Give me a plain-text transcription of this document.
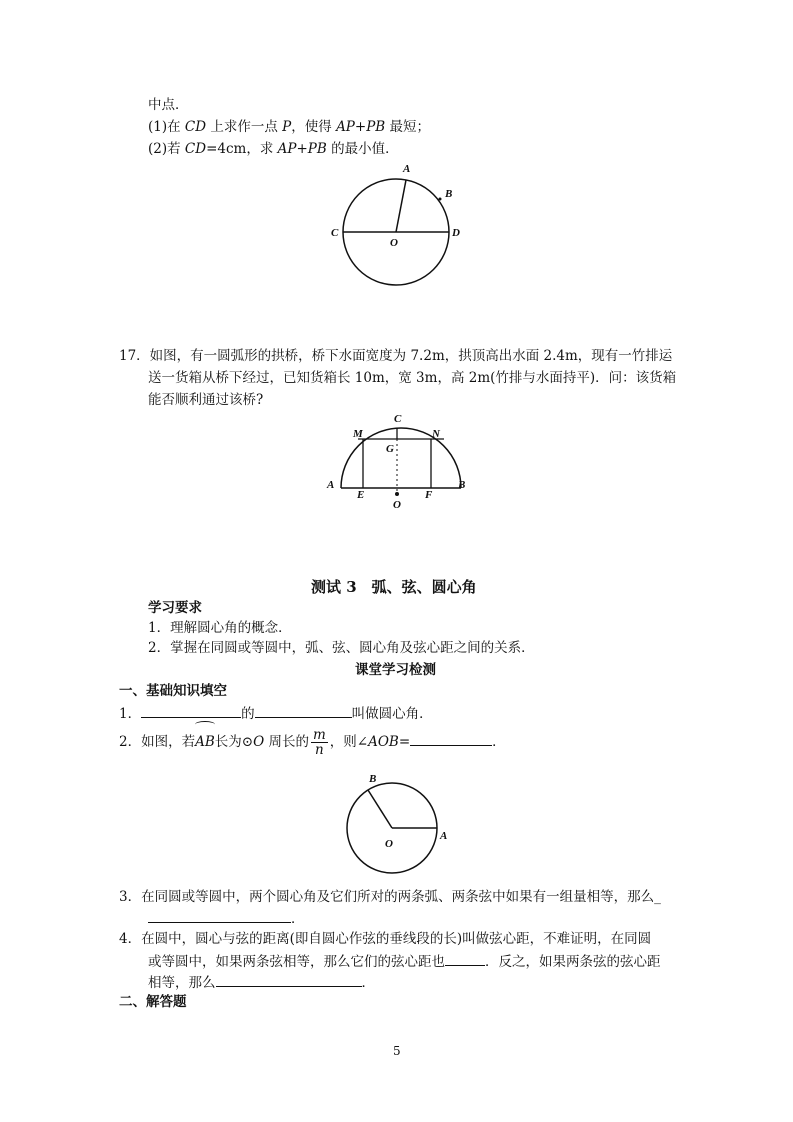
中点．
(1)在 CD 上求作一点 P，使得 AP+PB 最短；
(2)若 CD=4cm，求 AP+PB 的最小值．
A
B
C	D
O
17．如图，有一圆弧形的拱桥，桥下水面宽度为 7.2m，拱顶高出水面 2.4m，现有一竹排运
送一货箱从桥下经过，已知货箱长 10m，宽 3m，高 2m(竹排与水面持平)．问：该货箱
能否顺利通过该桥?
C
M	N
G
A	B
E	F
O
测试 3　弧、弦、圆心角
学习要求
1．理解圆心角的概念．
2．掌握在同圆或等圆中，弧、弦、圆心角及弦心距之间的关系．
课堂学习检测
一、基础知识填空
1．	的	叫做圆心角．
2．如图，若AB长为⊙O 周长的 $\frac{m}{n}$ ，则∠AOB=	．
B
A
O
3．在同圆或等圆中，两个圆心角及它们所对的两条弧、两条弦中如果有一组量相等，那么_
．
4．在圆中，圆心与弦的距离(即自圆心作弦的垂线段的长)叫做弦心距，不难证明，在同圆
或等圆中，如果两条弦相等，那么它们的弦心距也	．反之，如果两条弦的弦心距
相等，那么	．
二、解答题
5
